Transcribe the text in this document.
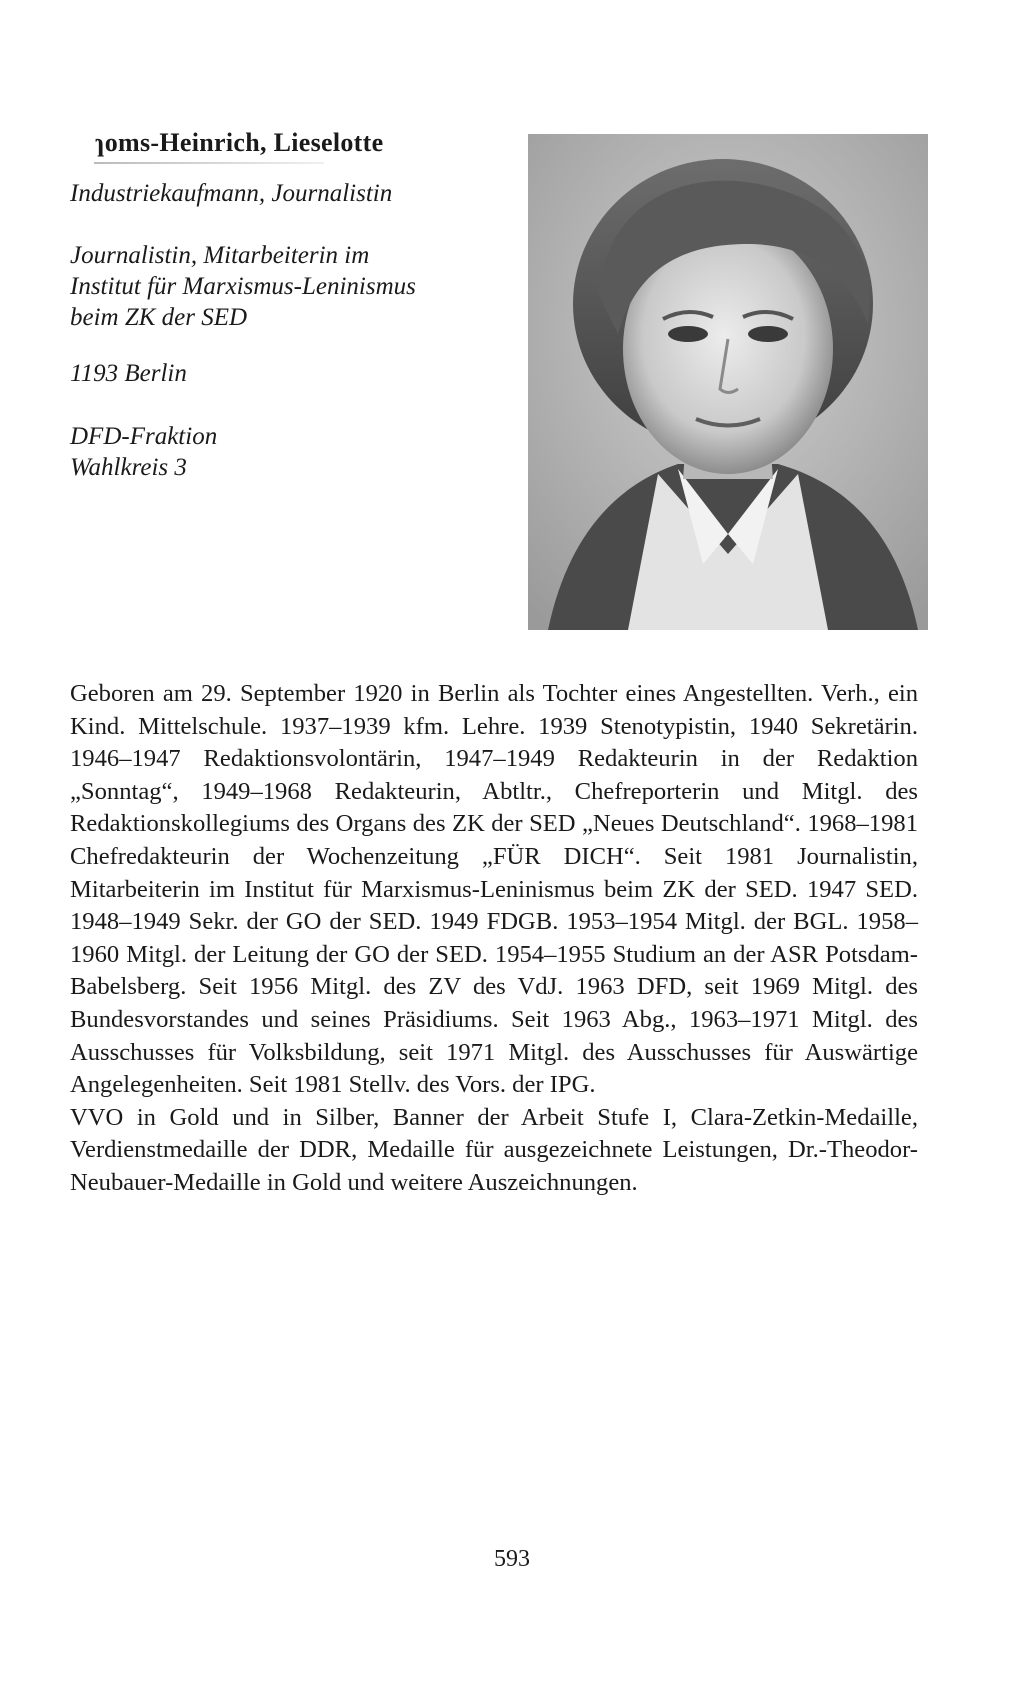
ɿoms-Heinrich, Lieselotte
Industriekaufmann, Journalistin
Journalistin, Mitarbeiterin im
Institut für Marxismus-Leninismus
beim ZK der SED
1193 Berlin
DFD-Fraktion
Wahlkreis 3

Geboren am 29. September 1920 in Berlin als Tochter eines Angestellten. Verh., ein Kind. Mittelschule. 1937–1939 kfm. Lehre. 1939 Stenotypistin, 1940 Sekretärin. 1946–1947 Redaktionsvolontärin, 1947–1949 Redakteurin in der Redaktion „Sonntag“, 1949–1968 Redakteurin, Abtltr., Chefreporterin und Mitgl. des Redaktionskollegiums des Organs des ZK der SED „Neues Deutschland“. 1968–1981 Chefredakteurin der Wochenzeitung „FÜR DICH“. Seit 1981 Journalistin, Mitarbeiterin im Institut für Marxismus-Leninismus beim ZK der SED. 1947 SED. 1948–1949 Sekr. der GO der SED. 1949 FDGB. 1953–1954 Mitgl. der BGL. 1958–1960 Mitgl. der Leitung der GO der SED. 1954–1955 Studium an der ASR Potsdam-Babelsberg. Seit 1956 Mitgl. des ZV des VdJ. 1963 DFD, seit 1969 Mitgl. des Bundesvorstandes und seines Präsidiums. Seit 1963 Abg., 1963–1971 Mitgl. des Ausschusses für Volksbildung, seit 1971 Mitgl. des Ausschusses für Auswärtige Angelegenheiten. Seit 1981 Stellv. des Vors. der IPG.

VVO in Gold und in Silber, Banner der Arbeit Stufe I, Clara-Zetkin-Medaille, Verdienstmedaille der DDR, Medaille für ausgezeichnete Leistungen, Dr.-Theodor-Neubauer-Medaille in Gold und weitere Auszeichnungen.

593
